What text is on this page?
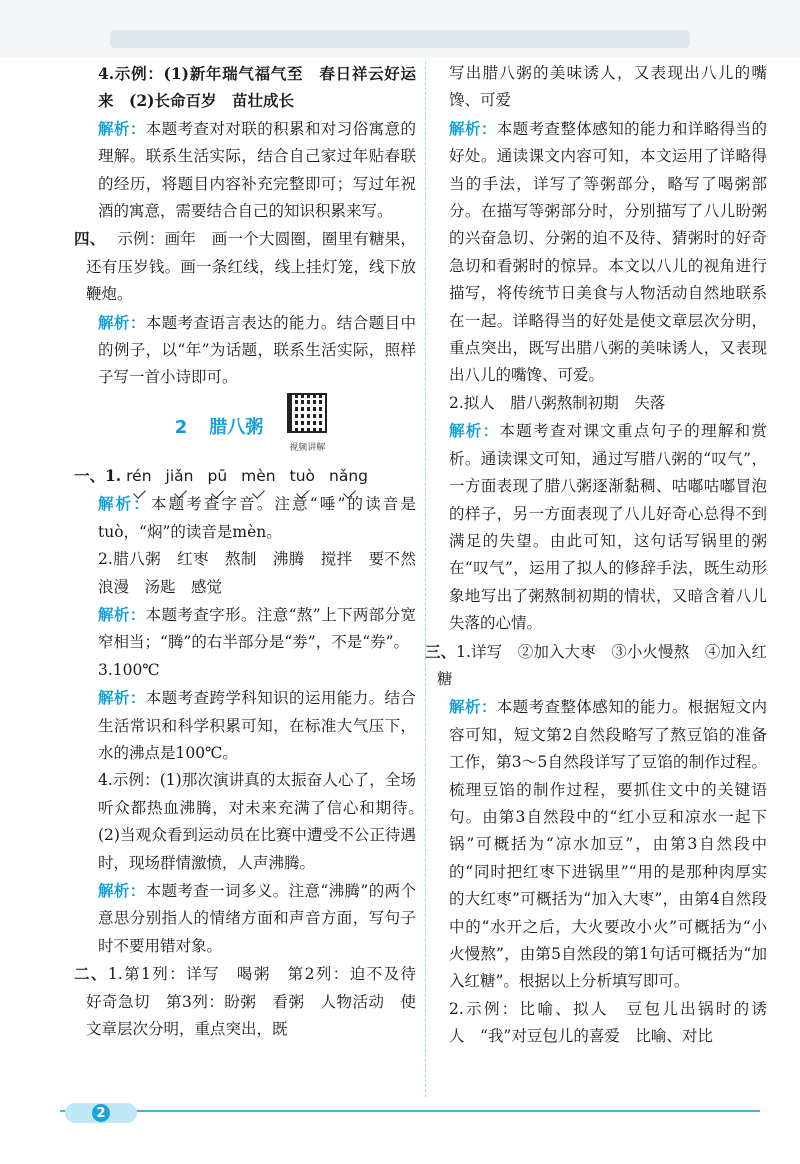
4.示例：(1)新年瑞气福气至　春日祥云好运来　(2)长命百岁　苗壮成长

解析：本题考查对对联的积累和对习俗寓意的理解。联系生活实际，结合自己家过年贴春联的经历，将题目内容补充完整即可；写过年祝酒的寓意，需要结合自己的知识积累来写。

四、 示例：画年　画一个大圆圈，圈里有糖果，还有压岁钱。画一条红线，线上挂灯笼，线下放鞭炮。

解析：本题考查语言表达的能力。结合题目中的例子，以“年”为话题，联系生活实际，照样子写一首小诗即可。

2 腊八粥
视频讲解

一、1. rén jiǎn pū mèn tuò nǎng

解析：本题考查字音。注意“唾”的读音是tuò，“焖”的读音是mèn。

2.腊八粥　红枣　熬制　沸腾　搅拌　要不然　浪漫　汤匙　感觉

解析：本题考查字形。注意“熬”上下两部分宽窄相当；“腾”的右半部分是“劵”，不是“券”。

3.100℃

解析：本题考查跨学科知识的运用能力。结合生活常识和科学积累可知，在标准大气压下，水的沸点是100℃。

4.示例：(1)那次演讲真的太振奋人心了，全场听众都热血沸腾，对未来充满了信心和期待。　(2)当观众看到运动员在比赛中遭受不公正待遇时，现场群情激愤，人声沸腾。

解析：本题考查一词多义。注意“沸腾”的两个意思分别指人的情绪方面和声音方面，写句子时不要用错对象。

二、1.第1列：详写　喝粥　第2列：迫不及待　好奇急切　第3列：盼粥　看粥　人物活动　使文章层次分明，重点突出，既

写出腊八粥的美味诱人，又表现出八儿的嘴馋、可爱

解析：本题考查整体感知的能力和详略得当的好处。通读课文内容可知，本文运用了详略得当的手法，详写了等粥部分，略写了喝粥部分。在描写等粥部分时，分别描写了八儿盼粥的兴奋急切、分粥的迫不及待、猜粥时的好奇急切和看粥时的惊异。本文以八儿的视角进行描写，将传统节日美食与人物活动自然地联系在一起。详略得当的好处是使文章层次分明，重点突出，既写出腊八粥的美味诱人，又表现出八儿的嘴馋、可爱。

2.拟人　腊八粥熬制初期　失落

解析：本题考查对课文重点句子的理解和赏析。通读课文可知，通过写腊八粥的“叹气”，一方面表现了腊八粥逐渐黏稠、咕嘟咕嘟冒泡的样子，另一方面表现了八儿好奇心总得不到满足的失望。由此可知，这句话写锅里的粥在“叹气”，运用了拟人的修辞手法，既生动形象地写出了粥熬制初期的情状，又暗含着八儿失落的心情。

三、1.详写　②加入大枣　③小火慢熬　④加入红糖

解析：本题考查整体感知的能力。根据短文内容可知，短文第2自然段略写了熬豆馅的准备工作，第3～5自然段详写了豆馅的制作过程。梳理豆馅的制作过程，要抓住文中的关键语句。由第3自然段中的“红小豆和凉水一起下锅”可概括为“凉水加豆”，由第3自然段中的“同时把红枣下进锅里”“用的是那种肉厚实的大红枣”可概括为“加入大枣”，由第4自然段中的“水开之后，大火要改小火”可概括为“小火慢熬”，由第5自然段的第1句话可概括为“加入红糖”。根据以上分析填写即可。

2.示例：比喻、拟人　豆包儿出锅时的诱人　“我”对豆包儿的喜爱　比喻、对比

2
